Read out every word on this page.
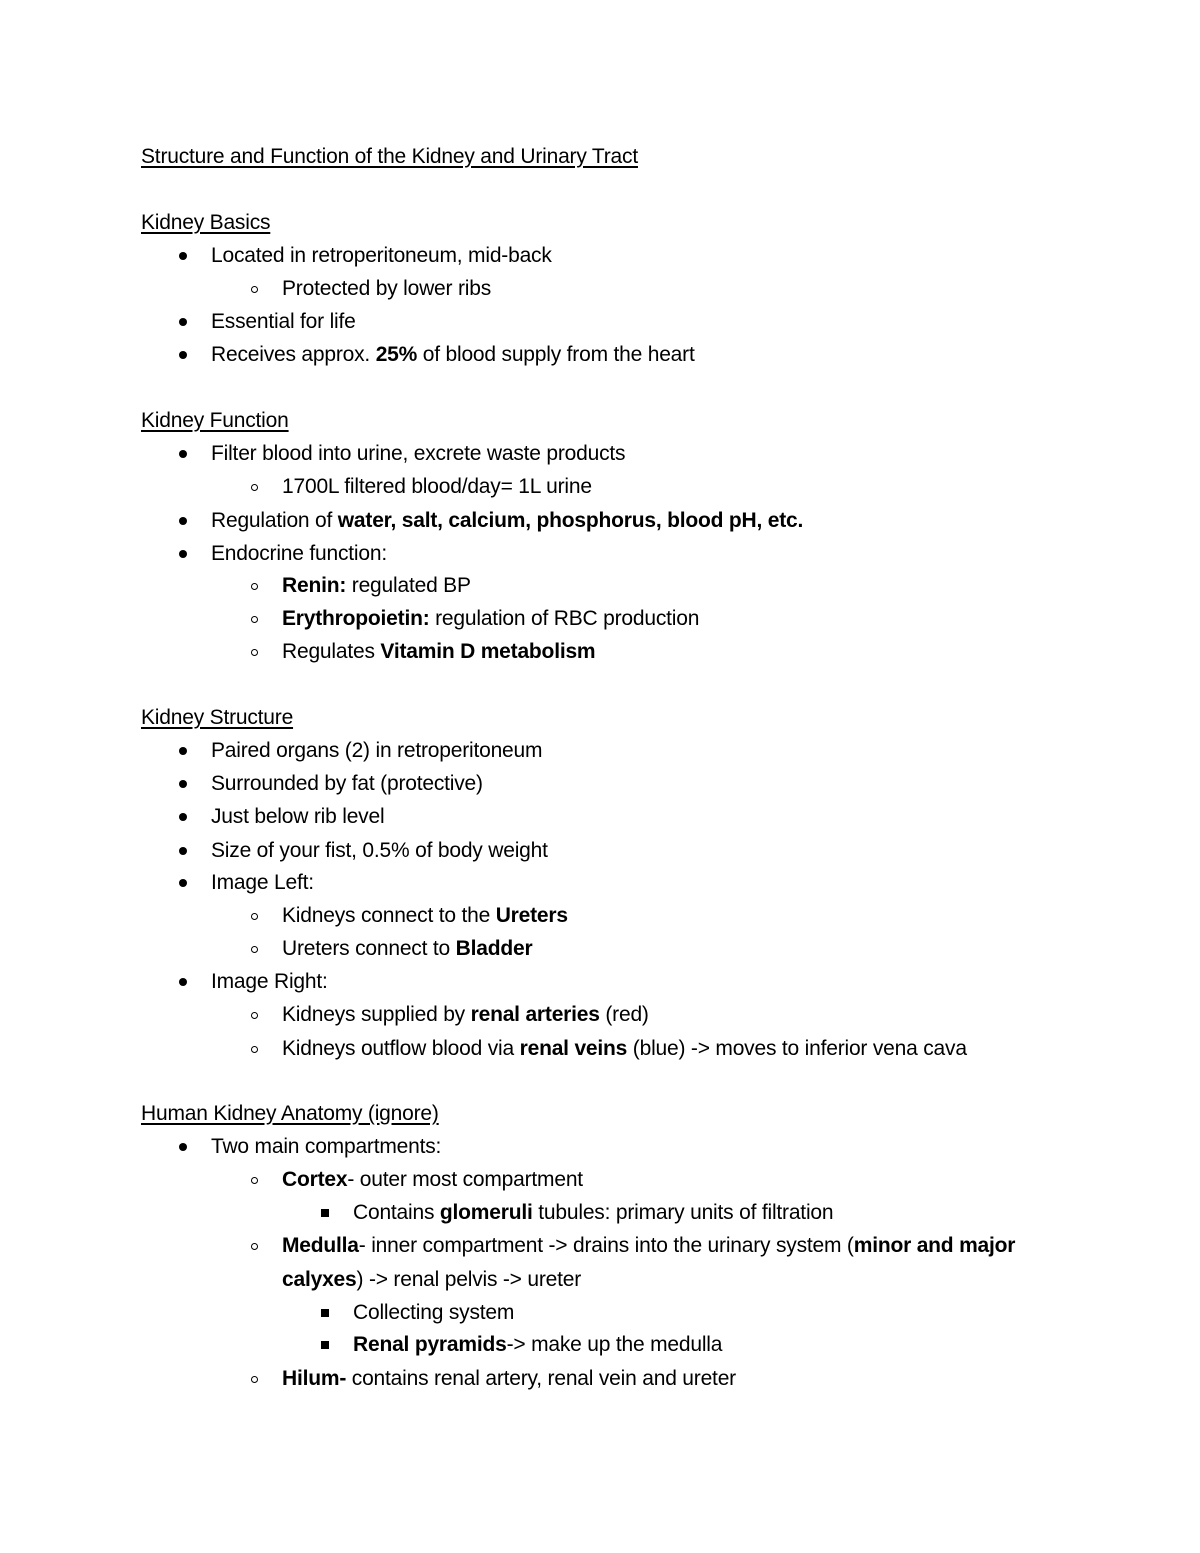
Structure and Function of the Kidney and Urinary Tract
Kidney Basics
Located in retroperitoneum, mid-back
Protected by lower ribs
Essential for life
Receives approx. 25% of blood supply from the heart
Kidney Function
Filter blood into urine, excrete waste products
1700L filtered blood/day= 1L urine
Regulation of water, salt, calcium, phosphorus, blood pH, etc.
Endocrine function:
Renin: regulated BP
Erythropoietin: regulation of RBC production
Regulates Vitamin D metabolism
Kidney Structure
Paired organs (2) in retroperitoneum
Surrounded by fat (protective)
Just below rib level
Size of your fist, 0.5% of body weight
Image Left:
Kidneys connect to the Ureters
Ureters connect to Bladder
Image Right:
Kidneys supplied by renal arteries (red)
Kidneys outflow blood via renal veins (blue) -> moves to inferior vena cava
Human Kidney Anatomy (ignore)
Two main compartments:
Cortex- outer most compartment
Contains glomeruli tubules: primary units of filtration
Medulla- inner compartment -> drains into the urinary system (minor and major
calyxes) -> renal pelvis -> ureter
Collecting system
Renal pyramids-> make up the medulla
Hilum- contains renal artery, renal vein and ureter
